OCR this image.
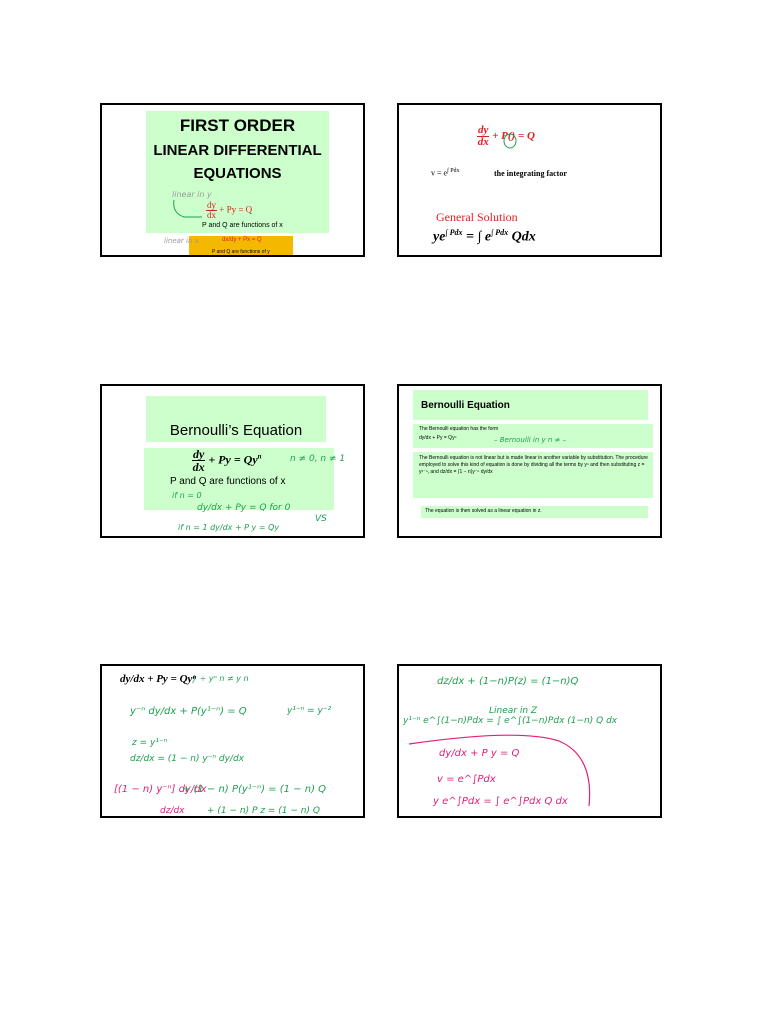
FIRST ORDER
LINEAR DIFFERENTIAL
EQUATIONS
linear in y
$\frac{dy}{dx} + Py = Q$
P and Q are functions of x
linear in x	dx/dy + Px = Q
P and Q are functions of y
$\frac{dy}{dx} + P() = Q$
$v = e^{\int Pdx}$	the integrating factor
General Solution
$ye^{\int Pdx}$ = ∫ $e^{\int Pdx}$ Qdx
Bernoulli’s Equation
$\frac{dy}{dx} + Py = Qy^n$
P and Q are functions of x
n ≠ 0, n ≠ 1
if n = 0
dy/dx + Py = Q for 0
if n = 1 dy/dx + P y = Qy
VS
Bernoulli Equation
The Bernoulli equation has the form
dy/dx + Py = Qyⁿ	– Bernoulli in y n ≠ –
The Bernoulli equation is not linear but is made linear in another variable by substitution. The procedure employed to solve this kind of equation is done by dividing all the terms by yⁿ and then substituting z = y¹⁻ⁿ, and dz/dx = (1 − n)y⁻ⁿ dy/dx
The equation is then solved as a linear equation in z.
dy/dx + Py = Qyⁿ
} ÷ yⁿ n ≠ y n
y⁻ⁿ dy/dx + P(y¹⁻ⁿ) = Q	y¹⁻ⁿ = y⁻²
z = y¹⁻ⁿ
dz/dx = (1 − n) y⁻ⁿ dy/dx
[(1 − n) y⁻ⁿ] dy/dx
+ (1 − n) P(y¹⁻ⁿ) = (1 − n) Q
dz/dx + (1 − n) P z = (1 − n) Q
dz/dx + (1−n)P(z) = (1−n)Q
Linear in Z
y¹⁻ⁿ e^∫(1−n)Pdx = ∫ e^∫(1−n)Pdx (1−n) Q dx
dy/dx + P y = Q
v = e^∫Pdx
y e^∫Pdx = ∫ e^∫Pdx Q dx
